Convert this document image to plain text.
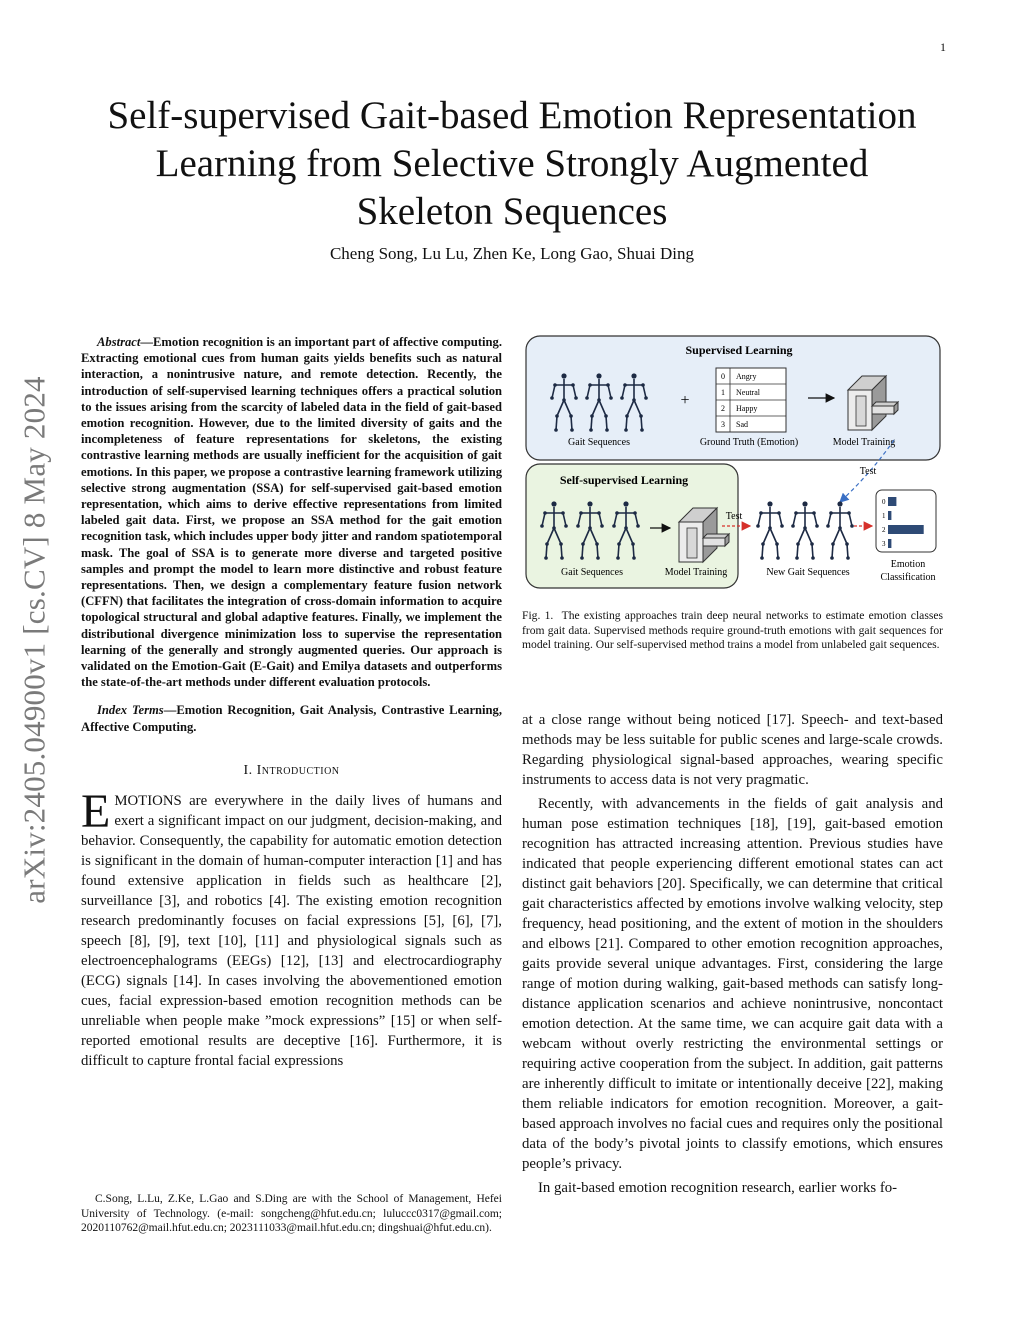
1
arXiv:2405.04900v1 [cs.CV] 8 May 2024
Self-supervised Gait-based Emotion Representation
Learning from Selective Strongly Augmented
Skeleton Sequences
Cheng Song, Lu Lu, Zhen Ke, Long Gao, Shuai Ding

Abstract—Emotion recognition is an important part of affective computing. Extracting emotional cues from human gaits yields benefits such as natural interaction, a nonintrusive nature, and remote detection. Recently, the introduction of self-supervised learning techniques offers a practical solution to the issues arising from the scarcity of labeled data in the field of gait-based emotion recognition. However, due to the limited diversity of gaits and the incompleteness of feature representations for skeletons, the existing contrastive learning methods are usually inefficient for the acquisition of gait emotions. In this paper, we propose a contrastive learning framework utilizing selective strong augmentation (SSA) for self-supervised gait-based emotion representation, which aims to derive effective representations from limited labeled gait data. First, we propose an SSA method for the gait emotion recognition task, which includes upper body jitter and random spatiotemporal mask. The goal of SSA is to generate more diverse and targeted positive samples and prompt the model to learn more distinctive and robust feature representations. Then, we design a complementary feature fusion network (CFFN) that facilitates the integration of cross-domain information to acquire topological structural and global adaptive features. Finally, we implement the distributional divergence minimization loss to supervise the representation learning of the generally and strongly augmented queries. Our approach is validated on the Emotion-Gait (E-Gait) and Emilya datasets and outperforms the state-of-the-art methods under different evaluation protocols.

Index Terms—Emotion Recognition, Gait Analysis, Contrastive Learning, Affective Computing.

I. Introduction

EMOTIONS are everywhere in the daily lives of humans and exert a significant impact on our judgment, decision-making, and behavior. Consequently, the capability for automatic emotion detection is significant in the domain of human-computer interaction [1] and has found extensive application in fields such as healthcare [2], surveillance [3], and robotics [4]. The existing emotion recognition research predominantly focuses on facial expressions [5], [6], [7], speech [8], [9], text [10], [11] and physiological signals such as electroencephalograms (EEGs) [12], [13] and electrocardiography (ECG) signals [14]. In cases involving the abovementioned emotion cues, facial expression-based emotion recognition methods can be unreliable when people make ”mock expressions” [15] or when self-reported emotional results are deceptive [16]. Furthermore, it is difficult to capture frontal facial expressions

C.Song, L.Lu, Z.Ke, L.Gao and S.Ding are with the School of Management, Hefei University of Technology. (e-mail: songcheng@hfut.edu.cn; luluccc0317@gmail.com; 2020110762@mail.hfut.edu.cn; 2023111033@mail.hfut.edu.cn; dingshuai@hfut.edu.cn).
Supervised Learning
Gait Sequences
+
0 Angry
1 Neutral
2 Happy
3 Sad
Ground Truth (Emotion)	Model Training
Test
Self-supervised Learning
Gait Sequences	Model Training
Test
New Gait Sequences
0
1
2
3
Emotion
Classification
Fig. 1. The existing approaches train deep neural networks to estimate emotion classes from gait data. Supervised methods require ground-truth emotions with gait sequences for model training. Our self-supervised method trains a model from unlabeled gait sequences.

at a close range without being noticed [17]. Speech- and text-based methods may be less suitable for public scenes and large-scale crowds. Regarding physiological signal-based approaches, wearing specific instruments to access data is not very pragmatic.

Recently, with advancements in the fields of gait analysis and human pose estimation techniques [18], [19], gait-based emotion recognition has attracted increasing attention. Previous studies have indicated that people experiencing different emotional states can act distinct gait behaviors [20]. Specifically, we can determine that critical gait characteristics affected by emotions involve walking velocity, step frequency, head positioning, and the extent of motion in the shoulders and elbows [21]. Compared to other emotion recognition approaches, gaits provide several unique advantages. First, considering the large range of motion during walking, gait-based methods can satisfy long-distance application scenarios and achieve nonintrusive, noncontact emotion detection. At the same time, we can acquire gait data with a webcam without overly restricting the environmental settings or requiring active cooperation from the subject. In addition, gait patterns are inherently difficult to imitate or intentionally deceive [22], making them reliable indicators for emotion recognition. Moreover, a gait-based approach involves no facial cues and requires only the positional data of the body’s pivotal joints to classify emotions, which ensures people’s privacy.

In gait-based emotion recognition research, earlier works fo-
